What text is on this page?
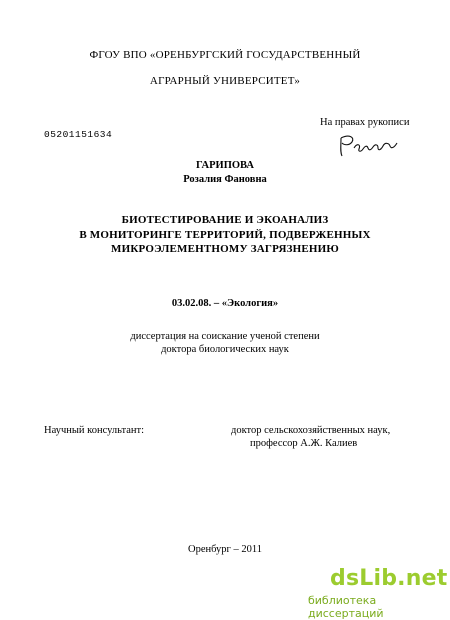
ФГОУ ВПО «ОРЕНБУРГСКИЙ ГОСУДАРСТВЕННЫЙ
АГРАРНЫЙ УНИВЕРСИТЕТ»
На правах рукописи
05201151634
ГАРИПОВА
Розалия Фановна
БИОТЕСТИРОВАНИЕ И ЭКОАНАЛИЗ
В МОНИТОРИНГЕ ТЕРРИТОРИЙ, ПОДВЕРЖЕННЫХ
МИКРОЭЛЕМЕНТНОМУ ЗАГРЯЗНЕНИЮ
03.02.08. – «Экология»
диссертация на соискание ученой степени
доктора биологических наук
Научный консультант:	доктор сельскохозяйственных наук,
профессор А.Ж. Калиев
Оренбург – 2011
dsLib.net
библиотека диссертаций
